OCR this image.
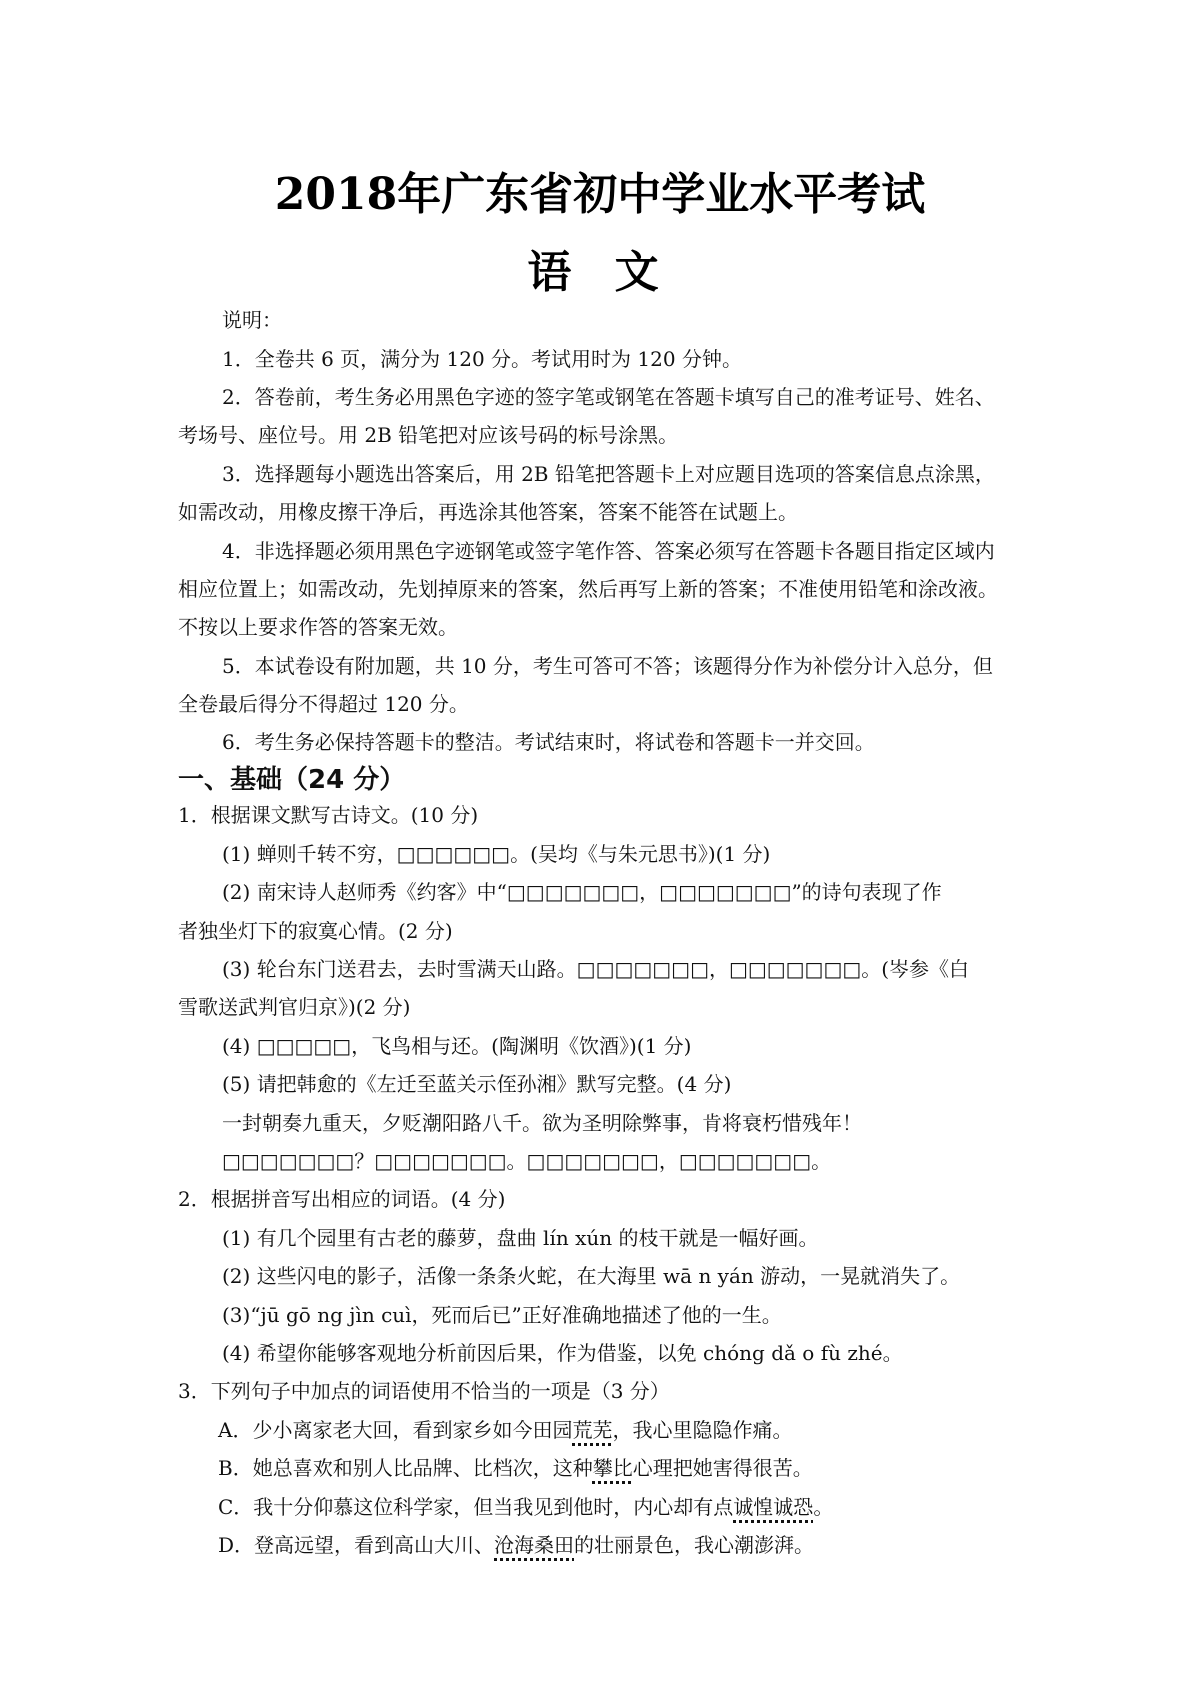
2018年广东省初中学业水平考试
语 文
说明：
1．全卷共 6 页，满分为 120 分。考试用时为 120 分钟。
2．答卷前，考生务必用黑色字迹的签字笔或钢笔在答题卡填写自己的准考证号、姓名、
考场号、座位号。用 2B 铅笔把对应该号码的标号涂黑。
3．选择题每小题选出答案后，用 2B 铅笔把答题卡上对应题目选项的答案信息点涂黑，
如需改动，用橡皮擦干净后，再选涂其他答案，答案不能答在试题上。
4．非选择题必须用黑色字迹钢笔或签字笔作答、答案必须写在答题卡各题目指定区域内
相应位置上；如需改动，先划掉原来的答案，然后再写上新的答案；不准使用铅笔和涂改液。
不按以上要求作答的答案无效。
5．本试卷设有附加题，共 10 分，考生可答可不答；该题得分作为补偿分计入总分，但
全卷最后得分不得超过 120 分。
6．考生务必保持答题卡的整洁。考试结束时，将试卷和答题卡一并交回。
一、基础（24 分）
1．根据课文默写古诗文。(10 分)
(1) 蝉则千转不穷，□□□□□□。(吴均《与朱元思书》)(1 分)
(2) 南宋诗人赵师秀《约客》中“□□□□□□□，□□□□□□□”的诗句表现了作
者独坐灯下的寂寞心情。(2 分)
(3) 轮台东门送君去，去时雪满天山路。□□□□□□□，□□□□□□□。(岑参《白
雪歌送武判官归京》)(2 分)
(4) □□□□□，飞鸟相与还。(陶渊明《饮酒》)(1 分)
(5) 请把韩愈的《左迁至蓝关示侄孙湘》默写完整。(4 分)
一封朝奏九重天，夕贬潮阳路八千。欲为圣明除弊事，肯将衰朽惜残年！
□□□□□□□？□□□□□□□。□□□□□□□，□□□□□□□。
2．根据拼音写出相应的词语。(4 分)
(1) 有几个园里有古老的藤萝，盘曲 lín xún 的枝干就是一幅好画。
(2) 这些闪电的影子，活像一条条火蛇，在大海里 wā n yán 游动，一晃就消失了。
(3)“jū gō ng jìn cuì，死而后已”正好准确地描述了他的一生。
(4) 希望你能够客观地分析前因后果，作为借鉴，以免 chóng dǎ o fù zhé。
3．下列句子中加点的词语使用不恰当的一项是（3 分）
A．少小离家老大回，看到家乡如今田园荒芜，我心里隐隐作痛。
B．她总喜欢和别人比品牌、比档次，这种攀比心理把她害得很苦。
C．我十分仰慕这位科学家，但当我见到他时，内心却有点诚惶诚恐。
D．登高远望，看到高山大川、沧海桑田的壮丽景色，我心潮澎湃。
